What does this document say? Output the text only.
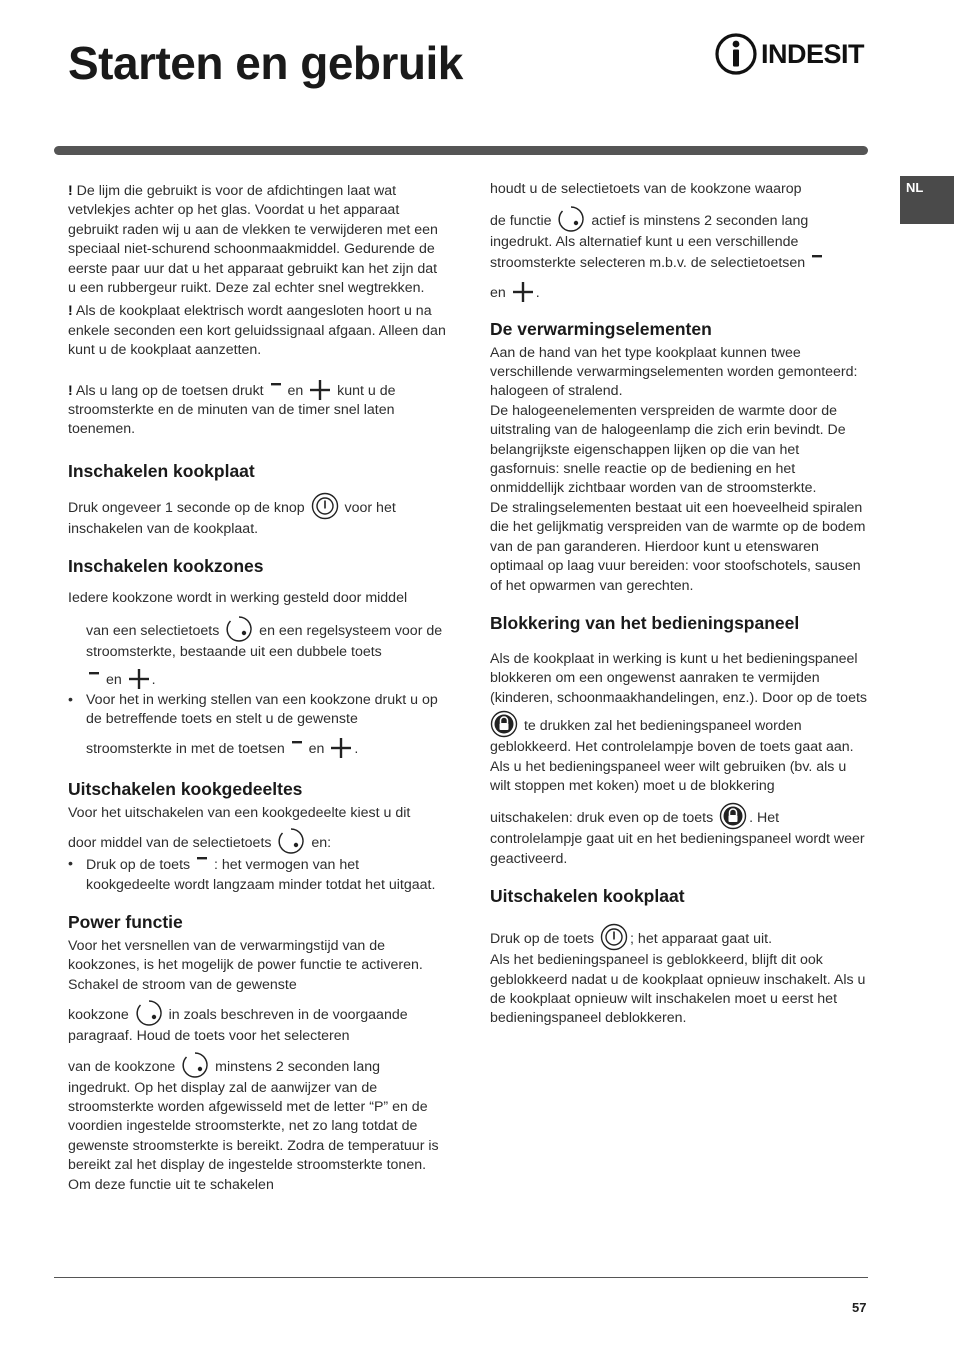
Starten en gebruik	INDESIT
NL

! De lijm die gebruikt is voor de afdichtingen laat wat vetvlekjes achter op het glas. Voordat u het apparaat gebruikt raden wij u aan de vlekken te verwijderen met een speciaal niet-schurend schoonmaakmiddel. Gedurende de eerste paar uur dat u het apparaat gebruikt kan het zijn dat u een rubbergeur ruikt. Deze zal echter snel wegtrekken.

! Als de kookplaat elektrisch wordt aangesloten hoort u na enkele seconden een kort geluidssignaal afgaan. Alleen dan kunt u de kookplaat aanzetten.

! Als u lang op de toetsen drukt  en  kunt u de stroomsterkte en de minuten van de timer snel laten toenemen.

Inschakelen kookplaat

Druk ongeveer 1 seconde op de knop  voor het inschakelen van de kookplaat.

Inschakelen kookzones

Iedere kookzone wordt in werking gesteld door middel

van een selectietoets  en een regelsysteem voor de stroomsterkte, bestaande uit een dubbele toets

en .

• Voor het in werking stellen van een kookzone drukt u op de betreffende toets en stelt u de gewenste

stroomsterkte in met de toetsen  en .

Uitschakelen kookgedeeltes

Voor het uitschakelen van een kookgedeelte kiest u dit

door middel van de selectietoets  en:

• Druk op de toets  : het vermogen van het kookgedeelte wordt langzaam minder totdat het uitgaat.

Power functie

Voor het versnellen van de verwarmingstijd van de kookzones, is het mogelijk de power functie te activeren. Schakel de stroom van de gewenste

kookzone  in zoals beschreven in de voorgaande paragraaf. Houd de toets voor het selecteren

van de kookzone  minstens 2 seconden lang ingedrukt. Op het display zal de aanwijzer van de stroomsterkte worden afgewisseld met de letter “P” en de voordien ingestelde stroomsterkte, net zo lang totdat de gewenste stroomsterkte is bereikt. Zodra de temperatuur is bereikt zal het display de ingestelde stroomsterkte tonen. Om deze functie uit te schakelen

houdt u de selectietoets van de kookzone waarop

de functie  actief is minstens 2 seconden lang ingedrukt. Als alternatief kunt u een verschillende stroomsterkte selecteren m.b.v. de selectietoetsen

en .

De verwarmingselementen

Aan de hand van het type kookplaat kunnen twee verschillende verwarmingselementen worden gemonteerd: halogeen of stralend.

De halogeenelementen verspreiden de warmte door de uitstraling van de halogeenlamp die zich erin bevindt. De belangrijkste eigenschappen lijken op die van het gasfornuis: snelle reactie op de bediening en het onmiddellijk zichtbaar worden van de stroomsterkte.

De stralingselementen bestaat uit een hoeveelheid spiralen die het gelijkmatig verspreiden van de warmte op de bodem van de pan garanderen. Hierdoor kunt u etenswaren optimaal op laag vuur bereiden: voor stoofschotels, sausen of het opwarmen van gerechten.

Blokkering van het bedieningspaneel

Als de kookplaat in werking is kunt u het bedieningspaneel blokkeren om een ongewenst aanraken te vermijden (kinderen, schoonmaakhandelingen, enz.). Door op de toets

te drukken zal het bedieningspaneel worden geblokkeerd. Het controlelampje boven de toets gaat aan.

Als u het bedieningspaneel weer wilt gebruiken (bv. als u wilt stoppen met koken) moet u de blokkering

uitschakelen: druk even op de toets . Het controlelampje gaat uit en het bedieningspaneel wordt weer geactiveerd.

Uitschakelen kookplaat

Druk op de toets ; het apparaat gaat uit.

Als het bedieningspaneel is geblokkeerd, blijft dit ook geblokkeerd nadat u de kookplaat opnieuw inschakelt. Als u de kookplaat opnieuw wilt inschakelen moet u eerst het bedieningspaneel deblokkeren.

57
